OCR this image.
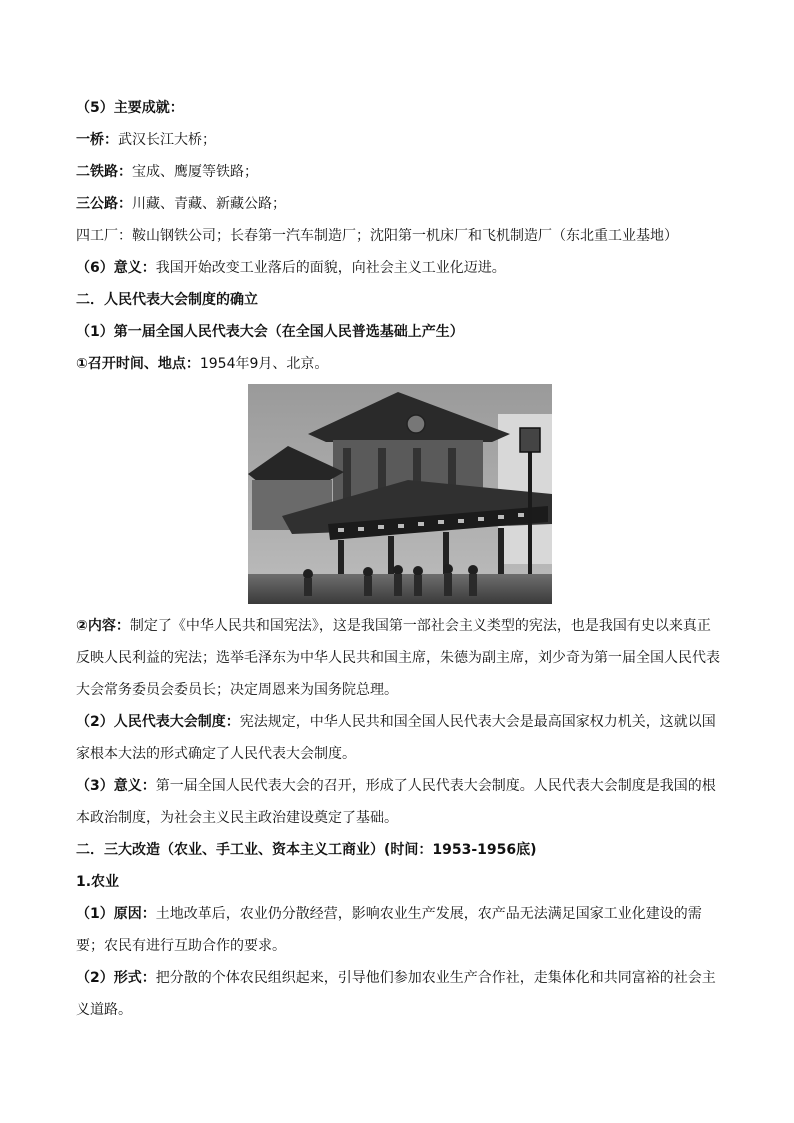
（5）主要成就：
一桥：武汉长江大桥；
二铁路：宝成、鹰厦等铁路；
三公路：川藏、青藏、新藏公路；
四工厂：鞍山钢铁公司；长春第一汽车制造厂；沈阳第一机床厂和飞机制造厂（东北重工业基地）
（6）意义：我国开始改变工业落后的面貌，向社会主义工业化迈进。
二．人民代表大会制度的确立
（1）第一届全国人民代表大会（在全国人民普选基础上产生）
①召开时间、地点：1954年9月、北京。
②内容：制定了《中华人民共和国宪法》，这是我国第一部社会主义类型的宪法，也是我国有史以来真正反映人民利益的宪法；选举毛泽东为中华人民共和国主席，朱德为副主席，刘少奇为第一届全国人民代表大会常务委员会委员长；决定周恩来为国务院总理。
（2）人民代表大会制度：宪法规定，中华人民共和国全国人民代表大会是最高国家权力机关，这就以国家根本大法的形式确定了人民代表大会制度。
（3）意义：第一届全国人民代表大会的召开，形成了人民代表大会制度。人民代表大会制度是我国的根本政治制度，为社会主义民主政治建设奠定了基础。
二．三大改造（农业、手工业、资本主义工商业）(时间：1953-1956底)
1.农业
（1）原因：土地改革后，农业仍分散经营，影响农业生产发展，农产品无法满足国家工业化建设的需要；农民有进行互助合作的要求。
（2）形式：把分散的个体农民组织起来，引导他们参加农业生产合作社，走集体化和共同富裕的社会主义道路。
